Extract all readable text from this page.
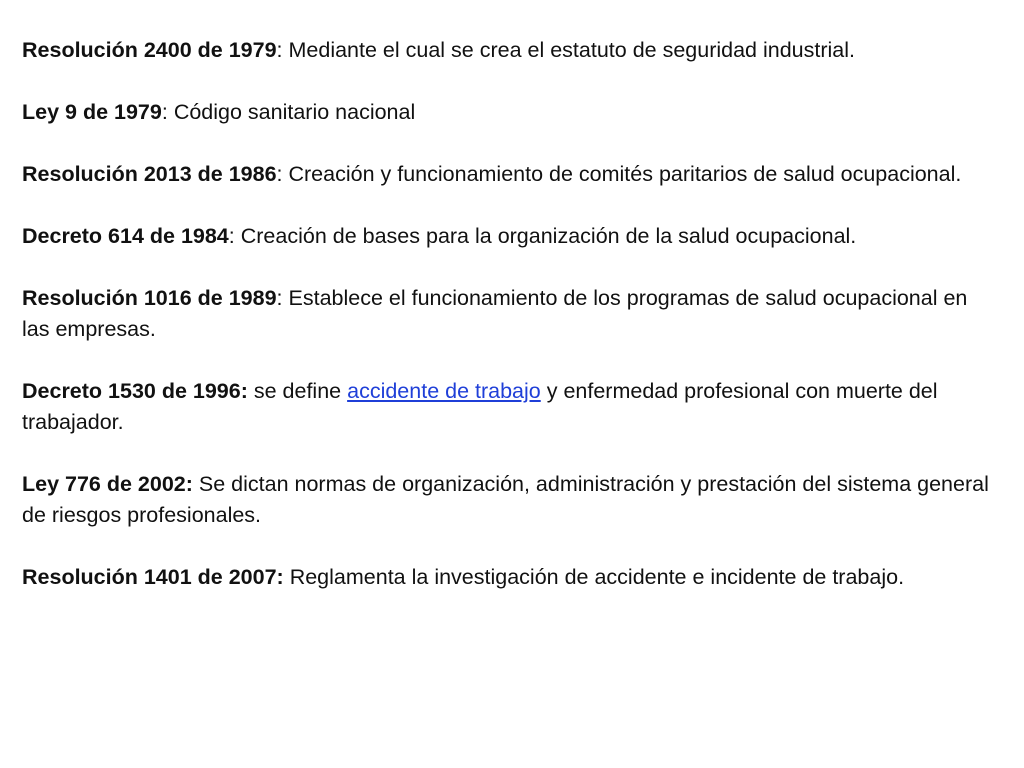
Resolución 2400 de 1979: Mediante el cual se crea el estatuto de seguridad industrial.

Ley 9 de 1979: Código sanitario nacional

Resolución 2013 de 1986: Creación y funcionamiento de comités paritarios de salud ocupacional.

Decreto 614 de 1984: Creación de bases para la organización de la salud ocupacional.

Resolución 1016 de 1989: Establece el funcionamiento de los programas de salud ocupacional en las empresas.

Decreto 1530 de 1996: se define accidente de trabajo y enfermedad profesional con muerte del trabajador.

Ley 776 de 2002: Se dictan normas de organización, administración y prestación del sistema general de riesgos profesionales.

Resolución 1401 de 2007: Reglamenta la investigación de accidente e incidente de trabajo.
